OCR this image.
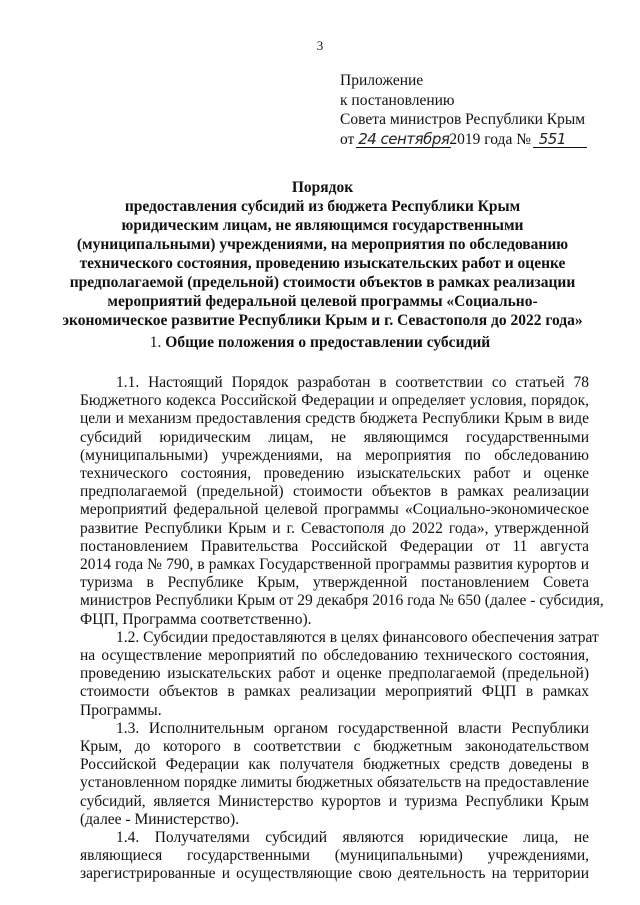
3
Приложение
к постановлению
Совета министров Республики Крым
от 24 сентября
2019 года № 551
Порядок
предоставления субсидий из бюджета Республики Крым
юридическим лицам, не являющимся государственными
(муниципальными) учреждениями, на мероприятия по обследованию
технического состояния, проведению изыскательских работ и оценке
предполагаемой (предельной) стоимости объектов в рамках реализации
мероприятий федеральной целевой программы «Социально-
экономическое развитие Республики Крым и г. Севастополя до 2022 года»
1. Общие положения о предоставлении субсидий
1.1. Настоящий Порядок разработан в соответствии со статьей 78
Бюджетного кодекса Российской Федерации и определяет условия, порядок,
цели и механизм предоставления средств бюджета Республики Крым в виде
субсидий юридическим лицам, не являющимся государственными
(муниципальными) учреждениями, на мероприятия по обследованию
технического состояния, проведению изыскательских работ и оценке
предполагаемой (предельной) стоимости объектов в рамках реализации
мероприятий федеральной целевой программы «Социально-экономическое
развитие Республики Крым и г. Севастополя до 2022 года», утвержденной
постановлением Правительства Российской Федерации от 11 августа
2014 года № 790, в рамках Государственной программы развития курортов и
туризма в Республике Крым, утвержденной постановлением Совета
министров Республики Крым от 29 декабря 2016 года № 650 (далее - субсидия,
ФЦП, Программа соответственно).
1.2. Субсидии предоставляются в целях финансового обеспечения затрат
на осуществление мероприятий по обследованию технического состояния,
проведению изыскательских работ и оценке предполагаемой (предельной)
стоимости объектов в рамках реализации мероприятий ФЦП в рамках
Программы.
1.3. Исполнительным органом государственной власти Республики
Крым, до которого в соответствии с бюджетным законодательством
Российской Федерации как получателя бюджетных средств доведены в
установленном порядке лимиты бюджетных обязательств на предоставление
субсидий, является Министерство курортов и туризма Республики Крым
(далее - Министерство).
1.4. Получателями субсидий являются юридические лица, не
являющиеся государственными (муниципальными) учреждениями,
зарегистрированные и осуществляющие свою деятельность на территории
